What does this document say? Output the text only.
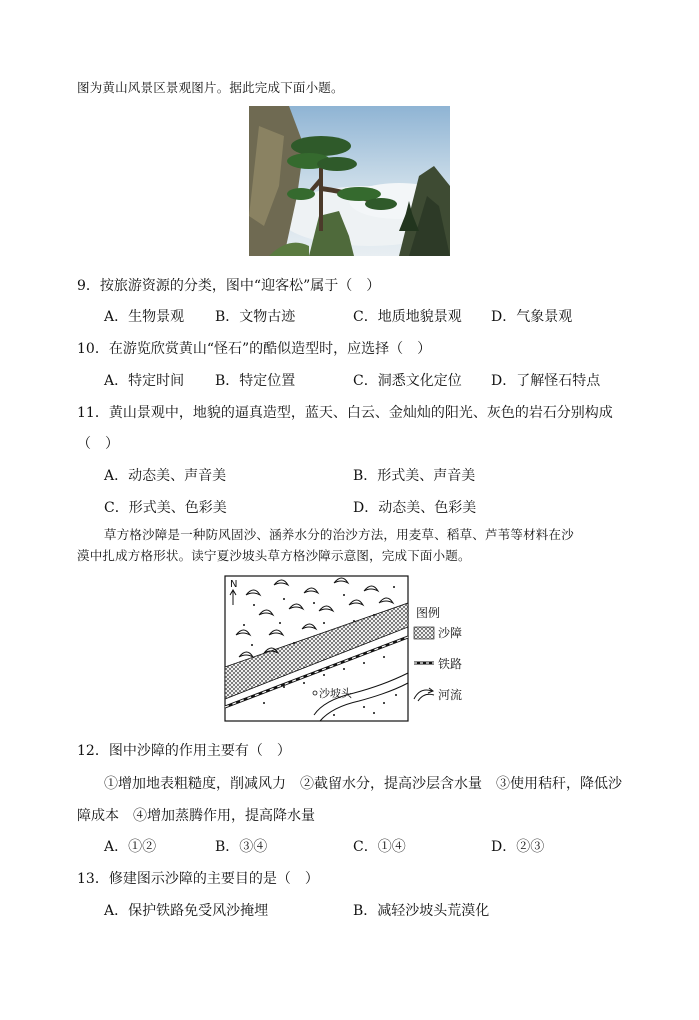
图为黄山风景区景观图片。据此完成下面小题。
9．按旅游资源的分类，图中“迎客松”属于（　）
A．生物景观 B．文物古迹	C．地质地貌景观 D．气象景观
10．在游览欣赏黄山“怪石”的酷似造型时，应选择（　）
A．特定时间 B．特定位置	C．洞悉文化定位 D．了解怪石特点
11．黄山景观中，地貌的逼真造型，蓝天、白云、金灿灿的阳光、灰色的岩石分别构成
（　）
A．动态美、声音美	B．形式美、声音美
C．形式美、色彩美	D．动态美、色彩美
草方格沙障是一种防风固沙、涵养水分的治沙方法，用麦草、稻草、芦苇等材料在沙
漠中扎成方格形状。读宁夏沙坡头草方格沙障示意图，完成下面小题。
N
沙坡头
图例
沙障
铁路
河流
12．图中沙障的作用主要有（　）
①增加地表粗糙度，削减风力　②截留水分，提高沙层含水量　③使用秸秆，降低沙
障成本　④增加蒸腾作用，提高降水量
A．①②	B．③④	C．①④	D．②③
13．修建图示沙障的主要目的是（　）
A．保护铁路免受风沙掩埋	B．减轻沙坡头荒漠化
